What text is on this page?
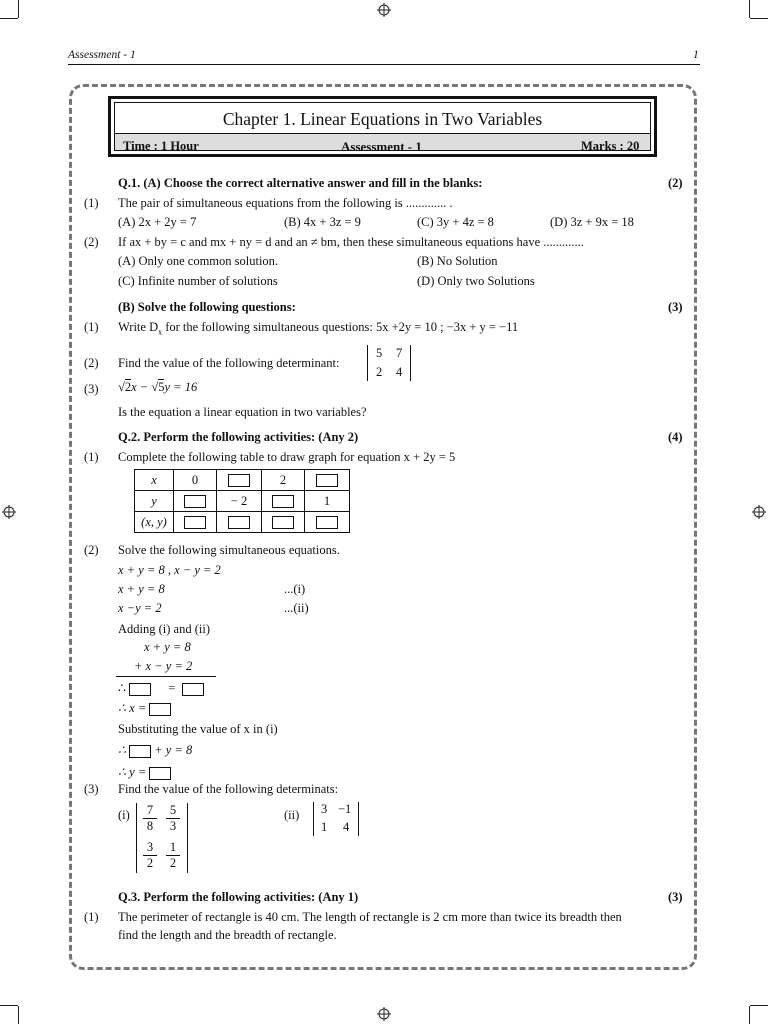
Assessment - 1	1
Chapter 1. Linear Equations in Two Variables
Time : 1 Hour	Assessment - 1	Marks : 20
Q.1. (A) Choose the correct alternative answer and fill in the blanks:	(2)
(1) The pair of simultaneous equations from the following is ............. .
(A) 2x + 2y = 7	(B) 4x + 3z = 9	(C) 3y + 4z = 8	(D) 3z + 9x = 18
(2) If ax + by = c and mx + ny = d and an ≠ bm, then these simultaneous equations have .............
(A) Only one common solution.	(B) No Solution
(C) Infinite number of solutions	(D) Only two Solutions
(B) Solve the following questions:	(3)
(1) Write $D_x$ for the following simultaneous questions: 5x +2y = 10 ; −3x + y = −11
(2) Find the value of the following determinant:
5 7
2 4
(3) √2x − √5y = 16
Is the equation a linear equation in two variables?
Q.2. Perform the following activities: (Any 2)	(4)
(1) Complete the following table to draw graph for equation x + 2y = 5
x	0		2	
y		− 2		1
(x, y)				
(2) Solve the following simultaneous equations.
x + y = 8 , x − y = 2
x + y = 8	...(i)
x −y = 2	...(ii)
Adding (i) and (ii)
x + y = 8
+ x − y = 2
∴	=
∴ x =
Substituting the value of x in (i)
∴ + y = 8
∴ y =
(3) Find the value of the following determinats:
$(i) \frac{7}{8} \frac{5}{3}$
$\frac{3}{2} \frac{1}{2}$
(ii) 3 −1
1 4
Q.3. Perform the following activities: (Any 1)	(3)
(1) The perimeter of rectangle is 40 cm. The length of rectangle is 2 cm more than twice its breadth then
find the length and the breadth of rectangle.
